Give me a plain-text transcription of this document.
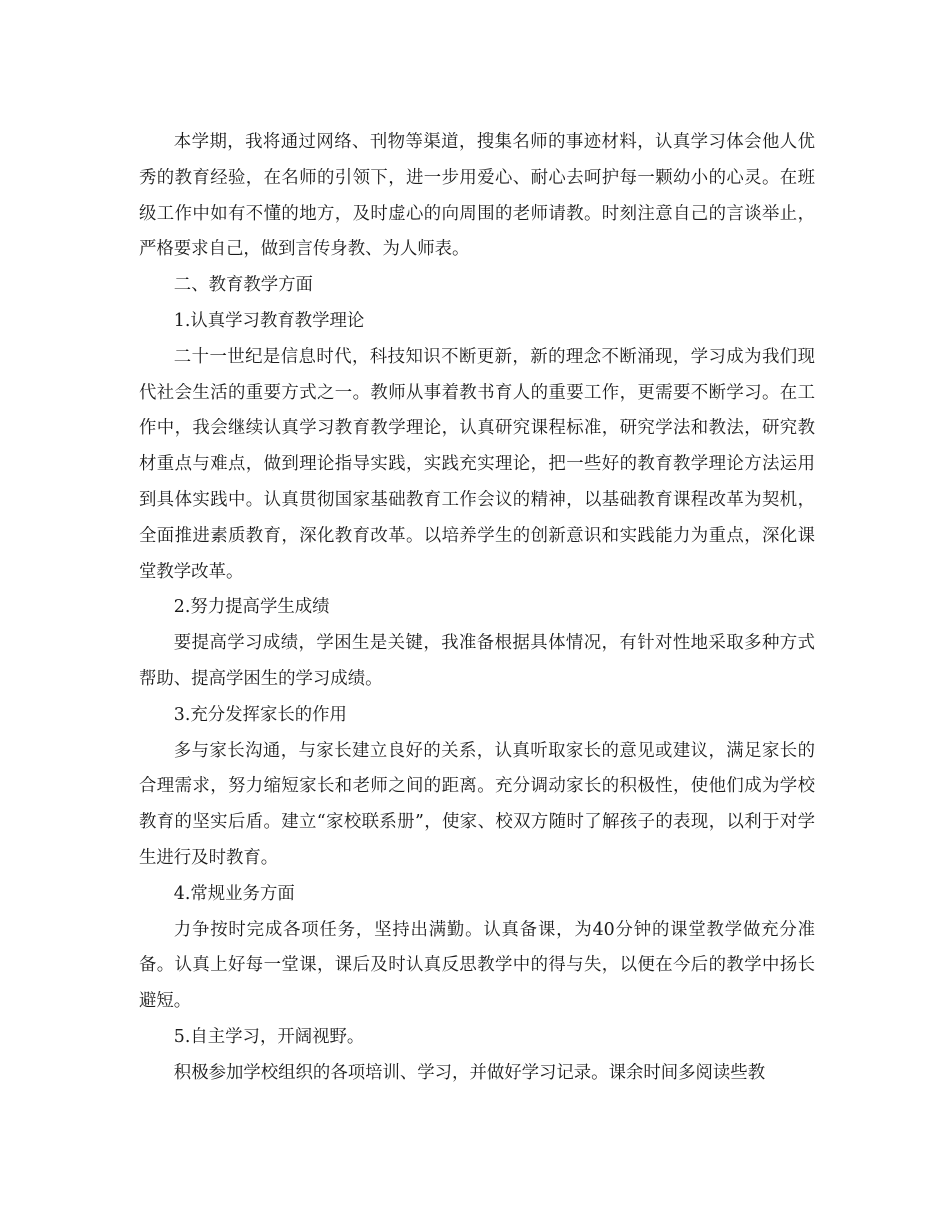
本学期，我将通过网络、刊物等渠道，搜集名师的事迹材料，认真学习体会他人优秀的教育经验，在名师的引领下，进一步用爱心、耐心去呵护每一颗幼小的心灵。在班级工作中如有不懂的地方，及时虚心的向周围的老师请教。时刻注意自己的言谈举止，严格要求自己，做到言传身教、为人师表。

二、教育教学方面

1.认真学习教育教学理论

二十一世纪是信息时代，科技知识不断更新，新的理念不断涌现，学习成为我们现代社会生活的重要方式之一。教师从事着教书育人的重要工作，更需要不断学习。在工作中，我会继续认真学习教育教学理论，认真研究课程标准，研究学法和教法，研究教材重点与难点，做到理论指导实践，实践充实理论，把一些好的教育教学理论方法运用到具体实践中。认真贯彻国家基础教育工作会议的精神，以基础教育课程改革为契机，全面推进素质教育，深化教育改革。以培养学生的创新意识和实践能力为重点，深化课堂教学改革。

2.努力提高学生成绩

要提高学习成绩，学困生是关键，我准备根据具体情况，有针对性地采取多种方式帮助、提高学困生的学习成绩。

3.充分发挥家长的作用

多与家长沟通，与家长建立良好的关系，认真听取家长的意见或建议，满足家长的合理需求，努力缩短家长和老师之间的距离。充分调动家长的积极性，使他们成为学校教育的坚实后盾。建立“家校联系册”，使家、校双方随时了解孩子的表现，以利于对学生进行及时教育。

4.常规业务方面

力争按时完成各项任务，坚持出满勤。认真备课，为40分钟的课堂教学做充分准备。认真上好每一堂课，课后及时认真反思教学中的得与失，以便在今后的教学中扬长避短。

5.自主学习，开阔视野。

积极参加学校组织的各项培训、学习，并做好学习记录。课余时间多阅读些教
